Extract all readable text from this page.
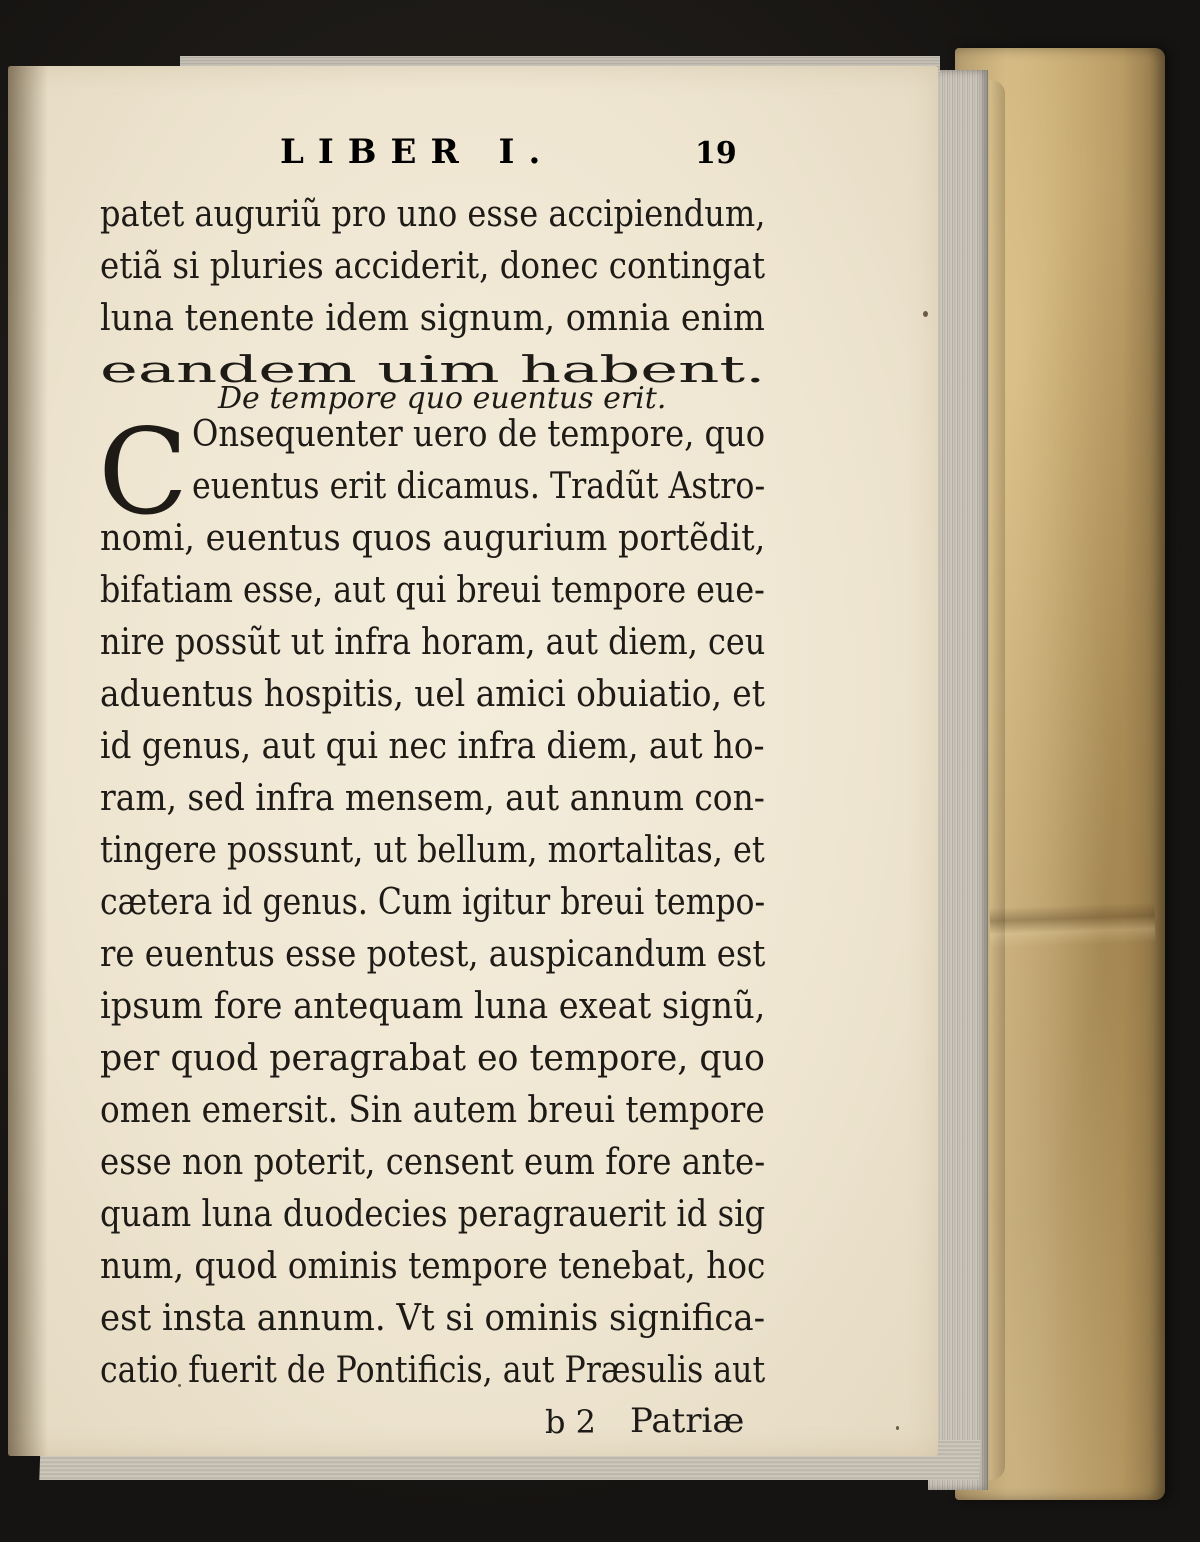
LIBER I.	19
patet auguriũ pro uno esse accipiendum,
etiã si pluries acciderit, donec contingat
luna tenente idem signum, omnia enim
eandem uim habent.
De tempore quo euentus erit.
C Onsequenter uero de tempore, quo
euentus erit dicamus. Tradũt Astro-
nomi, euentus quos augurium portẽdit,
bifatiam esse, aut qui breui tempore eue-
nire possũt ut infra horam, aut diem, ceu
aduentus hospitis, uel amici obuiatio, et
id genus, aut qui nec infra diem, aut ho-
ram, sed infra mensem, aut annum con-
tingere possunt, ut bellum, mortalitas, et
cætera id genus. Cum igitur breui tempo-
re euentus esse potest, auspicandum est
ipsum fore antequam luna exeat signũ,
per quod peragrabat eo tempore, quo
omen emersit. Sin autem breui tempore
esse non poterit, censent eum fore ante-
quam luna duodecies peragrauerit id sig
num, quod ominis tempore tenebat, hoc
est insta annum. Vt si ominis significa-
catio fuerit de Pontificis, aut Præsulis aut
b 2 Patriæ
